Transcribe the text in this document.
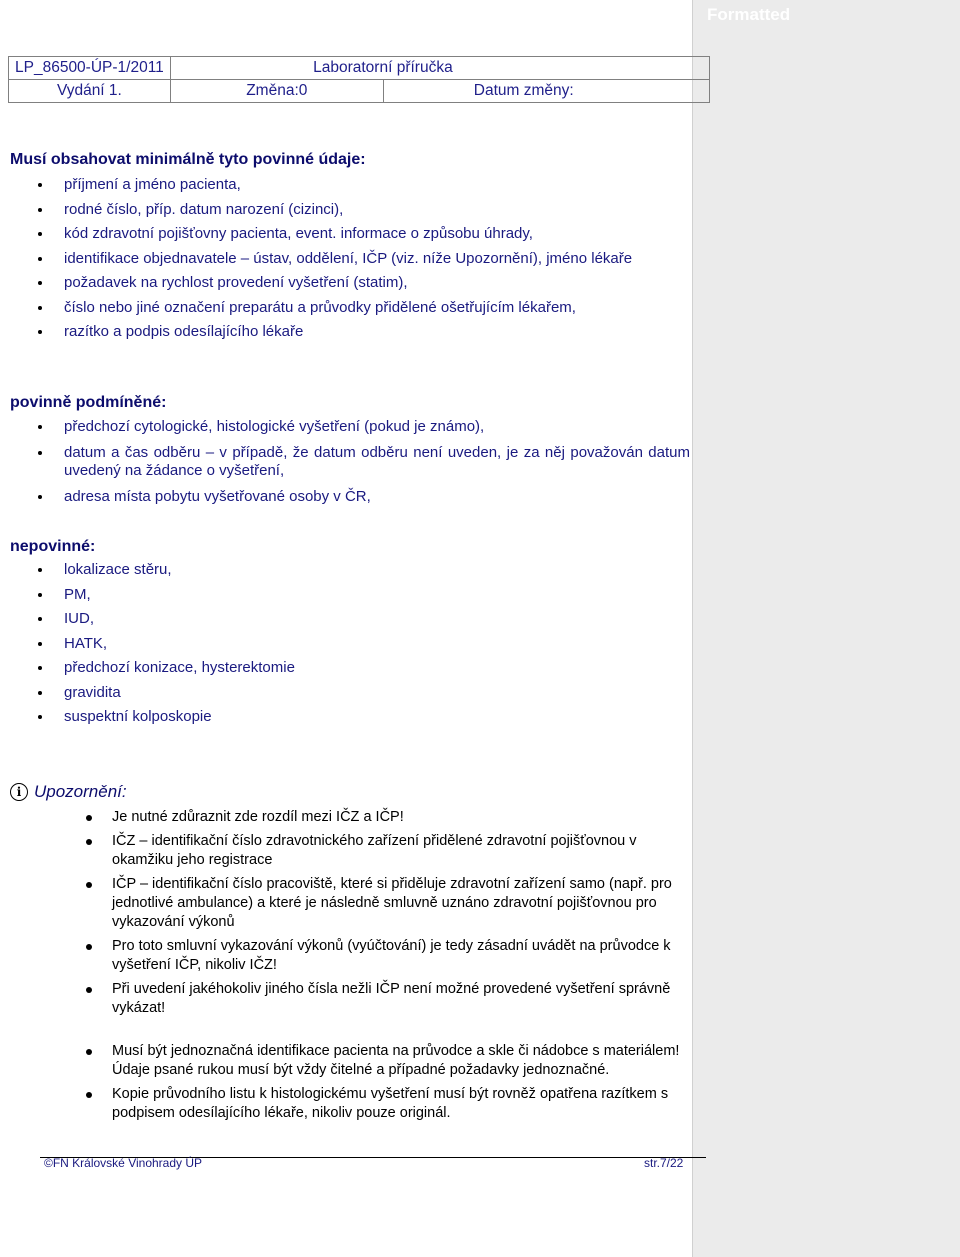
Formatted
LP_86500-ÚP-1/2011	Laboratorní příručka	
Vydání 1.	Změna:0	Datum změny:
Musí obsahovat minimálně tyto povinné údaje:
příjmení a jméno pacienta,
rodné číslo, příp. datum narození (cizinci),
kód zdravotní pojišťovny pacienta, event. informace o způsobu úhrady,
identifikace objednavatele – ústav, oddělení, IČP (viz. níže Upozornění), jméno lékaře
požadavek na rychlost provedení vyšetření (statim),
číslo nebo jiné označení preparátu a průvodky přidělené ošetřujícím lékařem,
razítko a podpis odesílajícího lékaře
povinně podmíněné:
předchozí cytologické, histologické vyšetření (pokud je známo),
datum a čas odběru – v případě, že datum odběru není uveden, je za něj považován datum uvedený na žádance o vyšetření,
adresa místa pobytu vyšetřované osoby v ČR,
nepovinné:
lokalizace stěru,
PM,
IUD,
HATK,
předchozí konizace, hysterektomie
gravidita
suspektní kolposkopie
i Upozornění:
Je nutné zdůraznit zde rozdíl mezi IČZ a IČP!
IČZ – identifikační číslo zdravotnického zařízení přidělené zdravotní pojišťovnou v okamžiku jeho registrace
IČP – identifikační číslo pracoviště, které si přiděluje zdravotní zařízení samo (např. pro jednotlivé ambulance) a které je následně smluvně uznáno zdravotní pojišťovnou pro vykazování výkonů
Pro toto smluvní vykazování výkonů (vyúčtování) je tedy zásadní uvádět na průvodce k vyšetření IČP, nikoliv IČZ!
Při uvedení jakéhokoliv jiného čísla nežli IČP není možné provedené vyšetření správně vykázat!
Musí být jednoznačná identifikace pacienta na průvodce a skle či nádobce s materiálem! Údaje psané rukou musí být vždy čitelné a případné požadavky jednoznačné.
Kopie průvodního listu k histologickému vyšetření musí být rovněž opatřena razítkem s podpisem odesílajícího lékaře, nikoliv pouze originál.
©FN Královské Vinohrady ÚP	str.7/22
